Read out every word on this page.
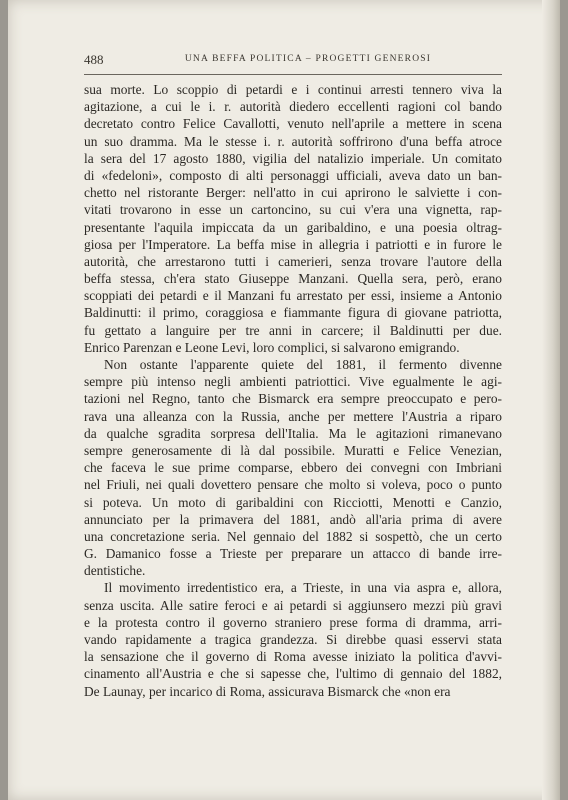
488	UNA BEFFA POLITICA – PROGETTI GENEROSI
sua morte. Lo scoppio di petardi e i continui arresti tennero viva la
agitazione, a cui le i. r. autorità diedero eccellenti ragioni col bando
decretato contro Felice Cavallotti, venuto nell'aprile a mettere in scena
un suo dramma. Ma le stesse i. r. autorità soffrirono d'una beffa atroce
la sera del 17 agosto 1880, vigilia del natalizio imperiale. Un comitato
di «fedeloni», composto di alti personaggi ufficiali, aveva dato un ban-
chetto nel ristorante Berger: nell'atto in cui aprirono le salviette i con-
vitati trovarono in esse un cartoncino, su cui v'era una vignetta, rap-
presentante l'aquila impiccata da un garibaldino, e una poesia oltrag-
giosa per l'Imperatore. La beffa mise in allegria i patriotti e in furore le
autorità, che arrestarono tutti i camerieri, senza trovare l'autore della
beffa stessa, ch'era stato Giuseppe Manzani. Quella sera, però, erano
scoppiati dei petardi e il Manzani fu arrestato per essi, insieme a Antonio
Baldinutti: il primo, coraggiosa e fiammante figura di giovane patriotta,
fu gettato a languire per tre anni in carcere; il Baldinutti per due.
Enrico Parenzan e Leone Levi, loro complici, si salvarono emigrando.
Non ostante l'apparente quiete del 1881, il fermento divenne
sempre più intenso negli ambienti patriottici. Vive egualmente le agi-
tazioni nel Regno, tanto che Bismarck era sempre preoccupato e pero-
rava una alleanza con la Russia, anche per mettere l'Austria a riparo
da qualche sgradita sorpresa dell'Italia. Ma le agitazioni rimanevano
sempre generosamente di là dal possibile. Muratti e Felice Venezian,
che faceva le sue prime comparse, ebbero dei convegni con Imbriani
nel Friuli, nei quali dovettero pensare che molto si voleva, poco o punto
si poteva. Un moto di garibaldini con Ricciotti, Menotti e Canzio,
annunciato per la primavera del 1881, andò all'aria prima di avere
una concretazione seria. Nel gennaio del 1882 si sospettò, che un certo
G. Damanico fosse a Trieste per preparare un attacco di bande irre-
dentistiche.
Il movimento irredentistico era, a Trieste, in una via aspra e, allora,
senza uscita. Alle satire feroci e ai petardi si aggiunsero mezzi più gravi
e la protesta contro il governo straniero prese forma di dramma, arri-
vando rapidamente a tragica grandezza. Si direbbe quasi esservi stata
la sensazione che il governo di Roma avesse iniziato la politica d'avvi-
cinamento all'Austria e che si sapesse che, l'ultimo di gennaio del 1882,
De Launay, per incarico di Roma, assicurava Bismarck che «non era
